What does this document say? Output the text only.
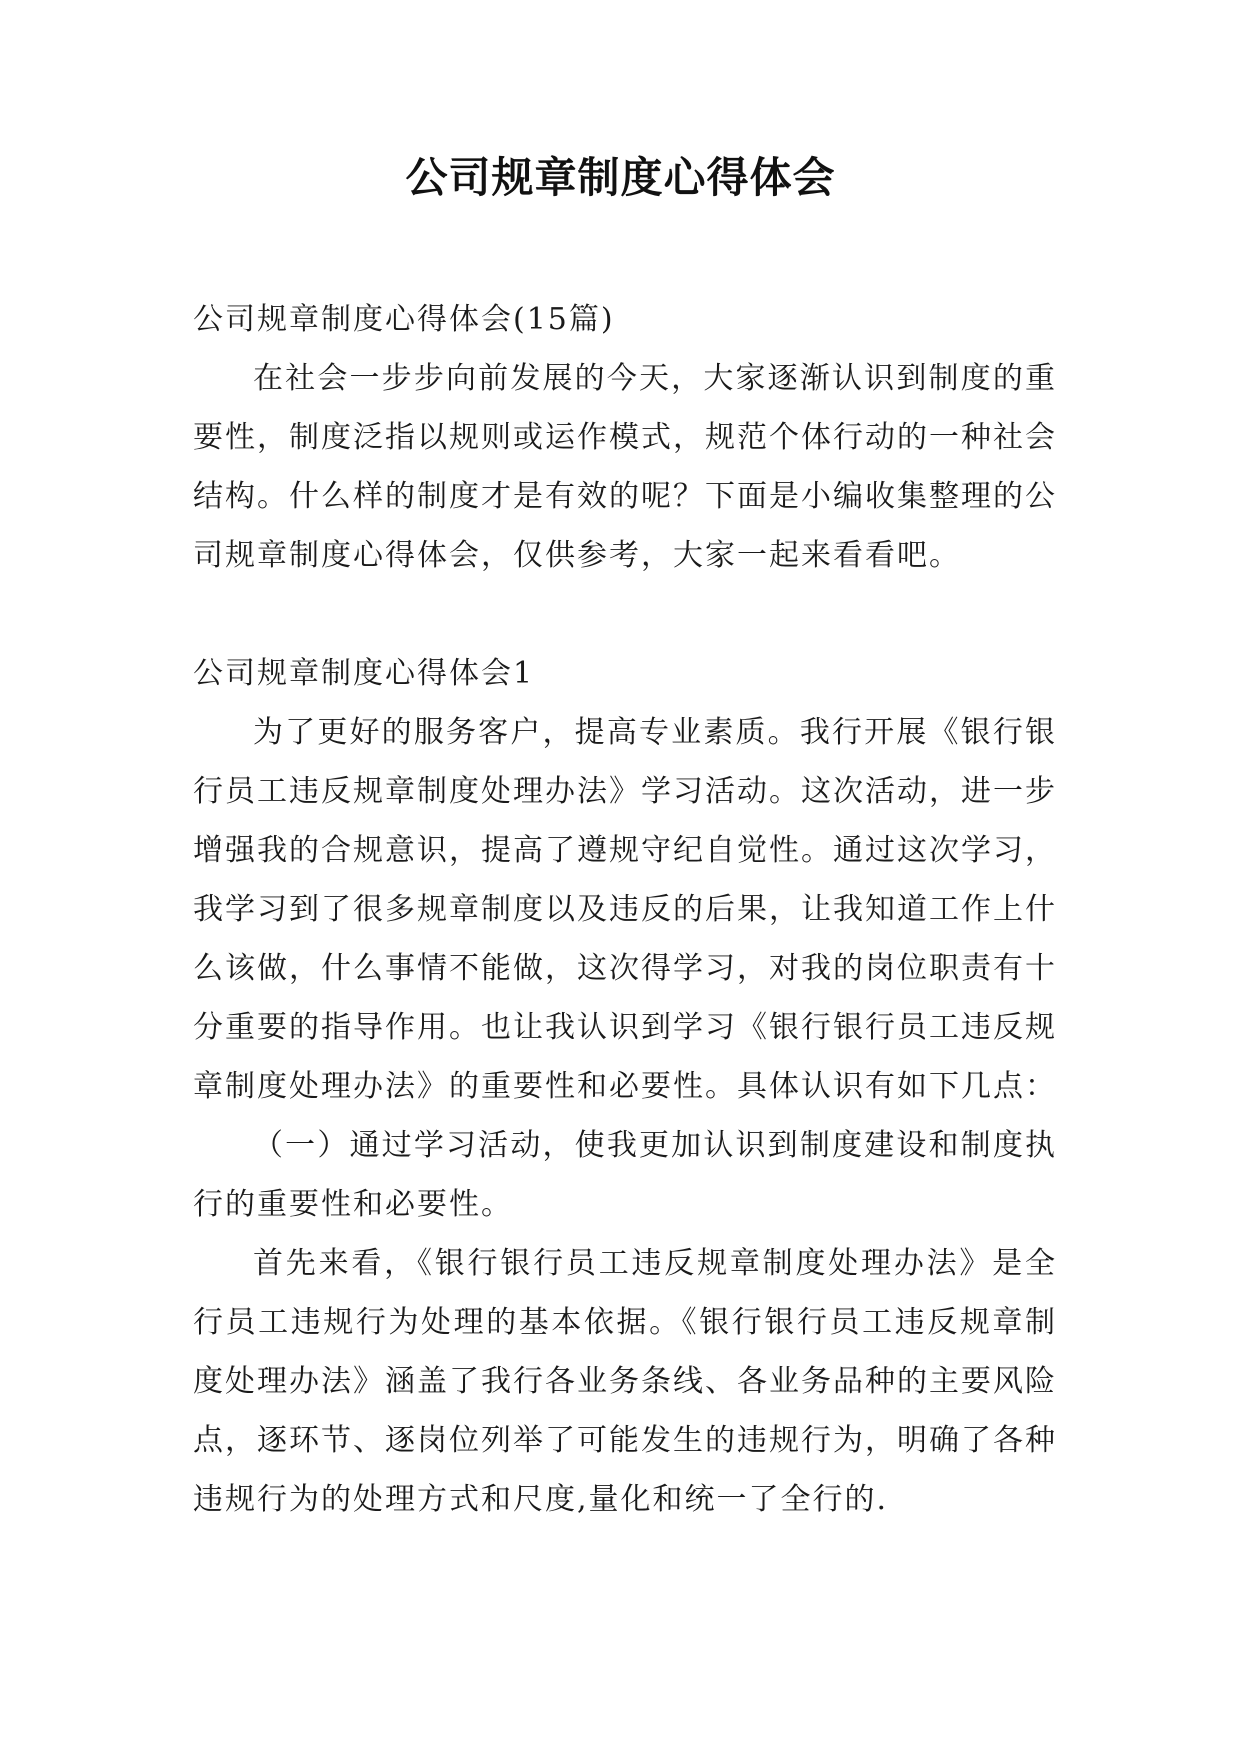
公司规章制度心得体会

公司规章制度心得体会(15篇)

在社会一步步向前发展的今天，大家逐渐认识到制度的重要性，制度泛指以规则或运作模式，规范个体行动的一种社会结构。什么样的制度才是有效的呢？下面是小编收集整理的公司规章制度心得体会，仅供参考，大家一起来看看吧。

公司规章制度心得体会1

为了更好的服务客户，提高专业素质。我行开展《银行银行员工违反规章制度处理办法》学习活动。这次活动，进一步增强我的合规意识，提高了遵规守纪自觉性。通过这次学习，我学习到了很多规章制度以及违反的后果，让我知道工作上什么该做，什么事情不能做，这次得学习，对我的岗位职责有十分重要的指导作用。也让我认识到学习《银行银行员工违反规章制度处理办法》的重要性和必要性。具体认识有如下几点：

（一）通过学习活动，使我更加认识到制度建设和制度执行的重要性和必要性。

首先来看，《银行银行员工违反规章制度处理办法》是全行员工违规行为处理的基本依据。《银行银行员工违反规章制度处理办法》涵盖了我行各业务条线、各业务品种的主要风险点，逐环节、逐岗位列举了可能发生的违规行为，明确了各种违规行为的处理方式和尺度,量化和统一了全行的.
